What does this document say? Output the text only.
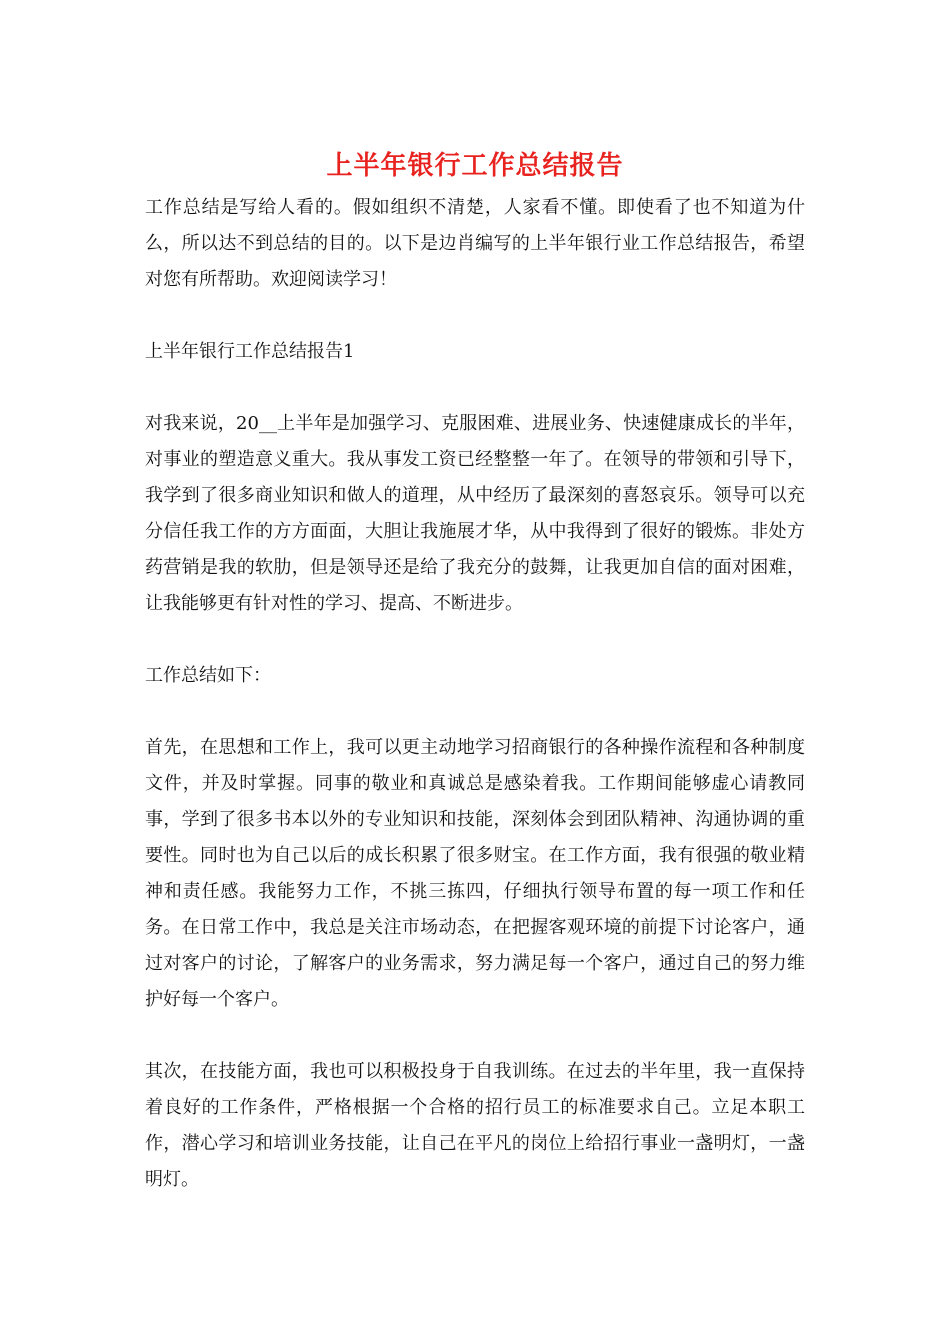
上半年银行工作总结报告

工作总结是写给人看的。假如组织不清楚，人家看不懂。即使看了也不知道为什么，所以达不到总结的目的。以下是边肖编写的上半年银行业工作总结报告，希望对您有所帮助。欢迎阅读学习！

上半年银行工作总结报告1

对我来说，20__上半年是加强学习、克服困难、进展业务、快速健康成长的半年，对事业的塑造意义重大。我从事发工资已经整整一年了。在领导的带领和引导下，我学到了很多商业知识和做人的道理，从中经历了最深刻的喜怒哀乐。领导可以充分信任我工作的方方面面，大胆让我施展才华，从中我得到了很好的锻炼。非处方药营销是我的软肋，但是领导还是给了我充分的鼓舞，让我更加自信的面对困难，让我能够更有针对性的学习、提高、不断进步。

工作总结如下：

首先，在思想和工作上，我可以更主动地学习招商银行的各种操作流程和各种制度文件，并及时掌握。同事的敬业和真诚总是感染着我。工作期间能够虚心请教同事，学到了很多书本以外的专业知识和技能，深刻体会到团队精神、沟通协调的重要性。同时也为自己以后的成长积累了很多财宝。在工作方面，我有很强的敬业精神和责任感。我能努力工作，不挑三拣四，仔细执行领导布置的每一项工作和任务。在日常工作中，我总是关注市场动态，在把握客观环境的前提下讨论客户，通过对客户的讨论，了解客户的业务需求，努力满足每一个客户，通过自己的努力维护好每一个客户。

其次，在技能方面，我也可以积极投身于自我训练。在过去的半年里，我一直保持着良好的工作条件，严格根据一个合格的招行员工的标准要求自己。立足本职工作，潜心学习和培训业务技能，让自己在平凡的岗位上给招行事业一盏明灯，一盏明灯。
